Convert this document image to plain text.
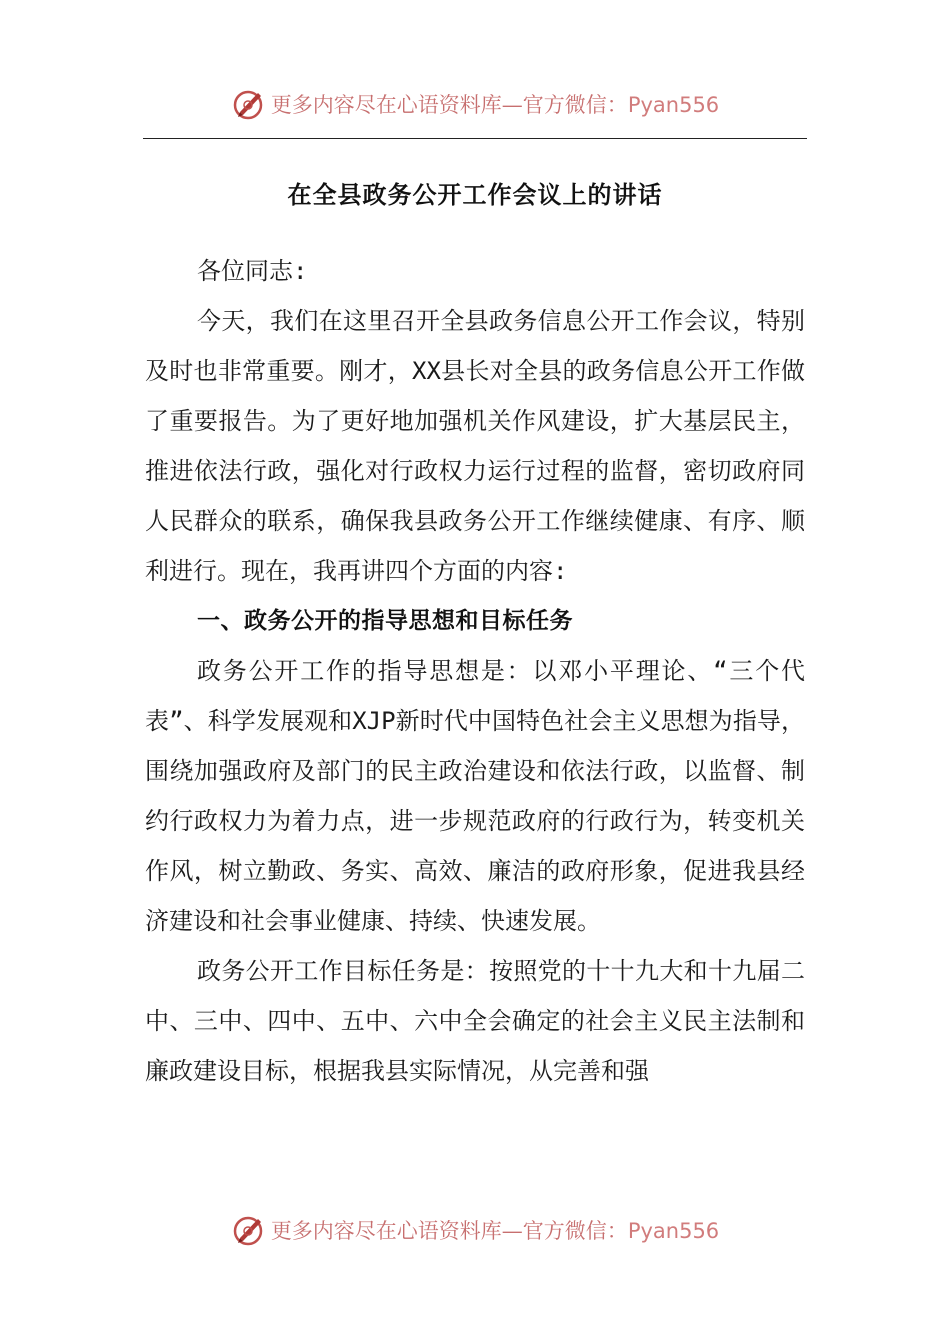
更多内容尽在心语资料库—官方微信：Pyan556
在全县政务公开工作会议上的讲话

各位同志:

今天，我们在这里召开全县政务信息公开工作会议，特别及时也非常重要。刚才，XX县长对全县的政务信息公开工作做了重要报告。为了更好地加强机关作风建设，扩大基层民主，推进依法行政，强化对行政权力运行过程的监督，密切政府同人民群众的联系，确保我县政务公开工作继续健康、有序、顺利进行。现在，我再讲四个方面的内容:

一、政务公开的指导思想和目标任务

政务公开工作的指导思想是：以邓小平理论、“三个代表”、科学发展观和XJP新时代中国特色社会主义思想为指导，围绕加强政府及部门的民主政治建设和依法行政，以监督、制约行政权力为着力点，进一步规范政府的行政行为，转变机关作风，树立勤政、务实、高效、廉洁的政府形象，促进我县经济建设和社会事业健康、持续、快速发展。

政务公开工作目标任务是：按照党的十十九大和十九届二中、三中、四中、五中、六中全会确定的社会主义民主法制和廉政建设目标，根据我县实际情况，从完善和强

更多内容尽在心语资料库—官方微信：Pyan556
